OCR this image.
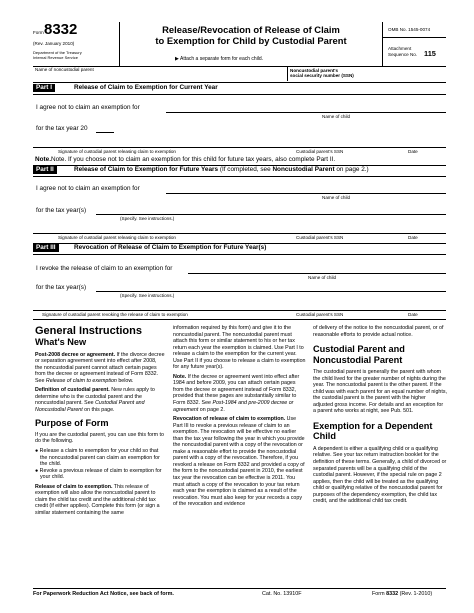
Form 8332
(Rev. January 2010)
Department of the Treasury
Internal Revenue Service
Release/Revocation of Release of Claim
to Exemption for Child by Custodial Parent
▶ Attach a separate form for each child.
OMB No. 1545-0074
Attachment
Sequence No. 115
Name of noncustodial parent	Noncustodial parent's
social security number (SSN)
Part I	Release of Claim to Exemption for Current Year
I agree not to claim an exemption for
Name of child
for the tax year 20
Signature of custodial parent releasing claim to exemption	Custodial parent's SSN	Date
Note.Note. If you choose not to claim an exemption for this child for future tax years, also complete Part II.
Part II	Release of Claim to Exemption for Future Years (If completed, see Noncustodial Parent on page 2.)
I agree not to claim an exemption for
Name of child
for the tax year(s)
(Specify. See instructions.)
Signature of custodial parent releasing claim to exemption	Custodial parent's SSN	Date
Part III	Revocation of Release of Claim to Exemption for Future Year(s)
I revoke the release of claim to an exemption for
Name of child
for the tax year(s)
(Specify. See instructions.)
Signature of custodial parent revoking the release of claim to exemption	Custodial parent's SSN	Date

General Instructions

What's New

Post-2008 decree or agreement. If the divorce decree or separation agreement went into effect after 2008, the noncustodial parent cannot attach certain pages from the decree or agreement instead of Form 8332. See Release of claim to exemption below.

Definition of custodial parent. New rules apply to determine who is the custodial parent and the noncustodial parent. See Custodial Parent and Noncustodial Parent on this page.

Purpose of Form

If you are the custodial parent, you can use this form to do the following.

● Release a claim to exemption for your child so that the noncustodial parent can claim an exemption for the child.

● Revoke a previous release of claim to exemption for your child.

Release of claim to exemption. This release of exemption will also allow the noncustodial parent to claim the child tax credit and the additional child tax credit (if either applies). Complete this form (or sign a similar statement containing the same

information required by this form) and give it to the noncustodial parent. The noncustodial parent must attach this form or similar statement to his or her tax return each year the exemption is claimed. Use Part I to release a claim to the exemption for the current year. Use Part II if you choose to release a claim to exemption for any future year(s).

Note. If the decree or agreement went into effect after 1984 and before 2009, you can attach certain pages from the decree or agreement instead of Form 8332, provided that these pages are substantially similar to Form 8332. See Post-1984 and pre-2009 decree or agreement on page 2.

Revocation of release of claim to exemption. Use Part III to revoke a previous release of claim to an exemption. The revocation will be effective no earlier than the tax year following the year in which you provide the noncustodial parent with a copy of the revocation or make a reasonable effort to provide the noncustodial parent with a copy of the revocation. Therefore, if you revoked a release on Form 8332 and provided a copy of the form to the noncustodial parent in 2010, the earliest tax year the revocation can be effective is 2011. You must attach a copy of the revocation to your tax return each year the exemption is claimed as a result of the revocation. You must also keep for your records a copy of the revocation and evidence

of delivery of the notice to the noncustodial parent, or of reasonable efforts to provide actual notice.

Custodial Parent and Noncustodial Parent

The custodial parent is generally the parent with whom the child lived for the greater number of nights during the year. The noncustodial parent is the other parent. If the child was with each parent for an equal number of nights, the custodial parent is the parent with the higher adjusted gross income. For details and an exception for a parent who works at night, see Pub. 501.

Exemption for a Dependent Child

A dependent is either a qualifying child or a qualifying relative. See your tax return instruction booklet for the definition of these terms. Generally, a child of divorced or separated parents will be a qualifying child of the custodial parent. However, if the special rule on page 2 applies, then the child will be treated as the qualifying child or qualifying relative of the noncustodial parent for purposes of the dependency exemption, the child tax credit, and the additional child tax credit.

For Paperwork Reduction Act Notice, see back of form.	Cat. No. 13910F	Form 8332 (Rev. 1-2010)
